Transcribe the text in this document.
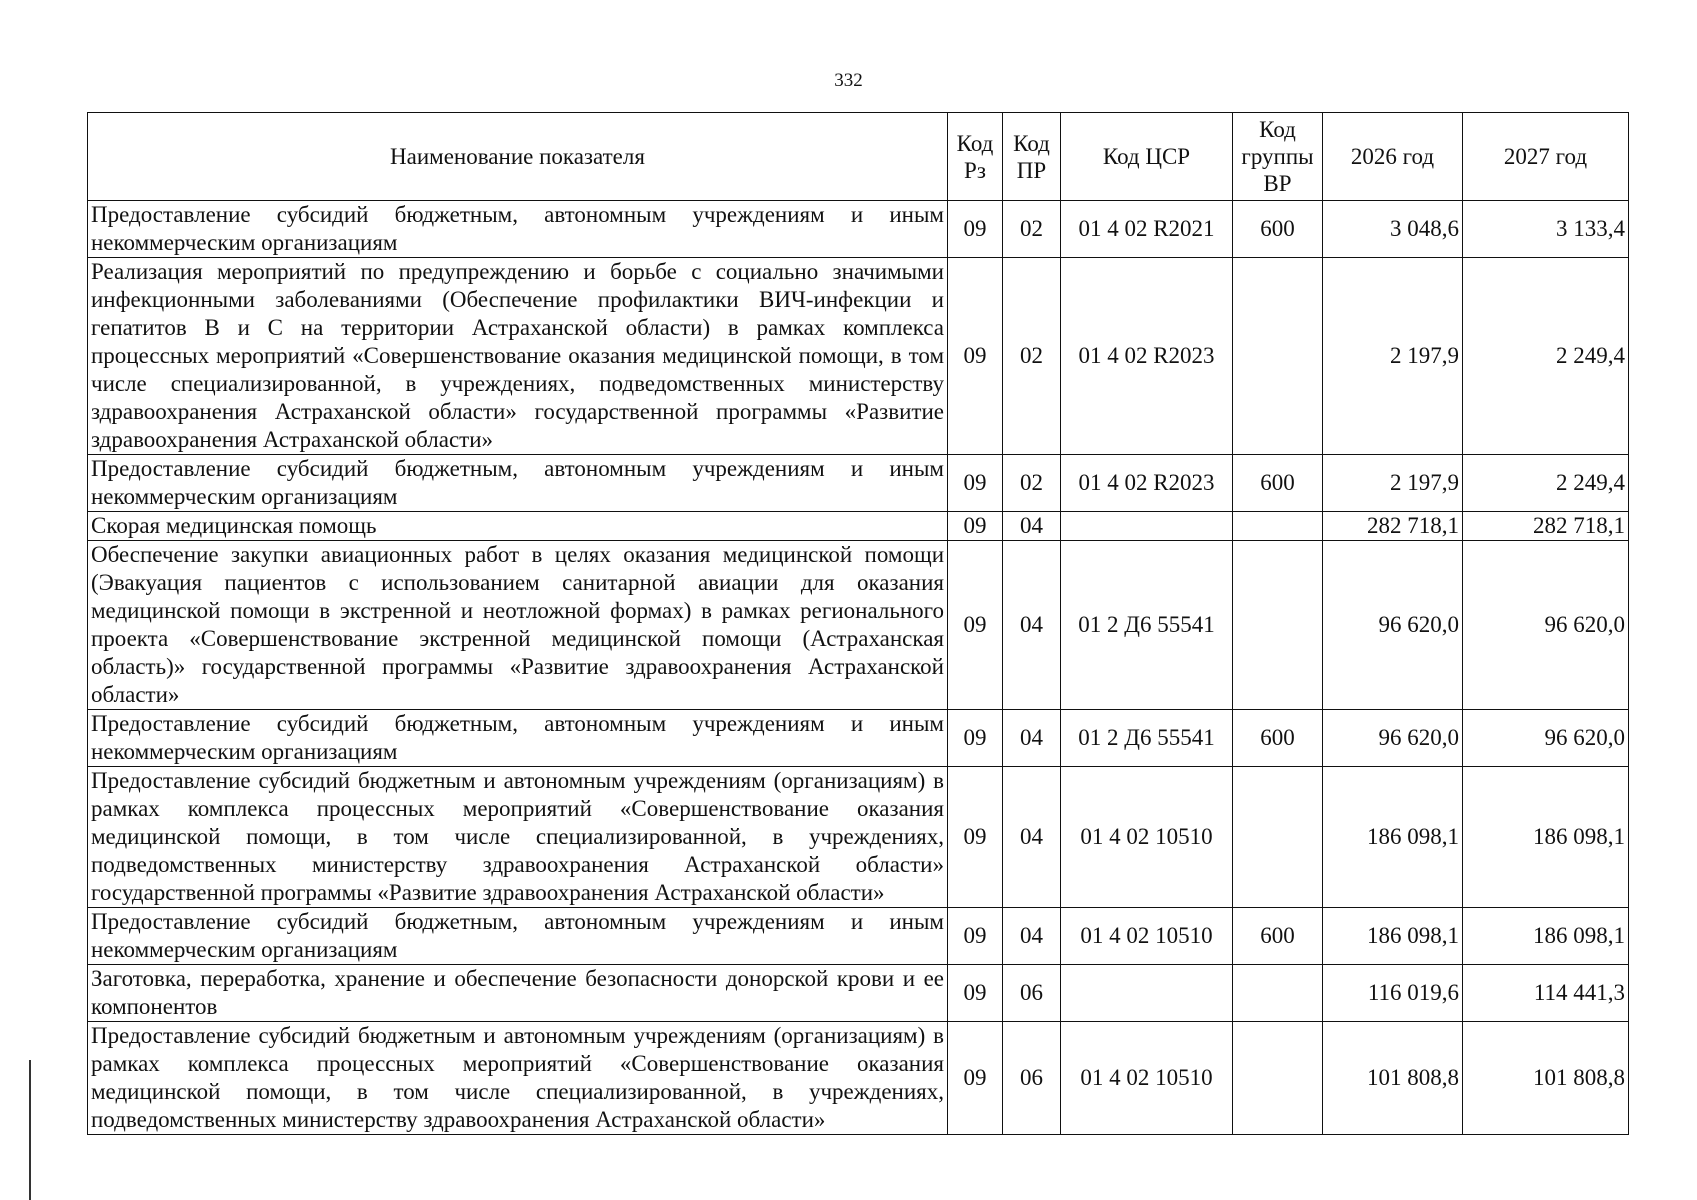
332
Наименование показателя	Код Рз	Код ПР	Код ЦСР	Код группы ВР	2026 год	2027 год
Предоставление субсидий бюджетным, автономным учреждениям и иным некоммерческим организациям	09	02	01 4 02 R2021	600	3 048,6	3 133,4
Реализация мероприятий по предупреждению и борьбе с социально значимыми инфекционными заболеваниями (Обеспечение профилактики ВИЧ-инфекции и гепатитов В и С на территории Астраханской области) в рамках комплекса процессных мероприятий «Совершенствование оказания медицинской помощи, в том числе специализированной, в учреждениях, подведомственных министерству здравоохранения Астраханской области» государственной программы «Развитие здравоохранения Астраханской области»	09	02	01 4 02 R2023		2 197,9	2 249,4
Предоставление субсидий бюджетным, автономным учреждениям и иным некоммерческим организациям	09	02	01 4 02 R2023	600	2 197,9	2 249,4
Скорая медицинская помощь	09	04			282 718,1	282 718,1
Обеспечение закупки авиационных работ в целях оказания медицинской помощи (Эвакуация пациентов с использованием санитарной авиации для оказания медицинской помощи в экстренной и неотложной формах) в рамках регионального проекта «Совершенствование экстренной медицинской помощи (Астраханская область)» государственной программы «Развитие здравоохранения Астраханской области»	09	04	01 2 Д6 55541		96 620,0	96 620,0
Предоставление субсидий бюджетным, автономным учреждениям и иным некоммерческим организациям	09	04	01 2 Д6 55541	600	96 620,0	96 620,0
Предоставление субсидий бюджетным и автономным учреждениям (организациям) в рамках комплекса процессных мероприятий «Совершенствование оказания медицинской помощи, в том числе специализированной, в учреждениях, подведомственных министерству здравоохранения Астраханской области» государственной программы «Развитие здравоохранения Астраханской области»	09	04	01 4 02 10510		186 098,1	186 098,1
Предоставление субсидий бюджетным, автономным учреждениям и иным некоммерческим организациям	09	04	01 4 02 10510	600	186 098,1	186 098,1
Заготовка, переработка, хранение и обеспечение безопасности донорской крови и ее компонентов	09	06			116 019,6	114 441,3
Предоставление субсидий бюджетным и автономным учреждениям (организациям) в рамках комплекса процессных мероприятий «Совершенствование оказания медицинской помощи, в том числе специализированной, в учреждениях, подведомственных министерству здравоохранения Астраханской области»	09	06	01 4 02 10510		101 808,8	101 808,8
